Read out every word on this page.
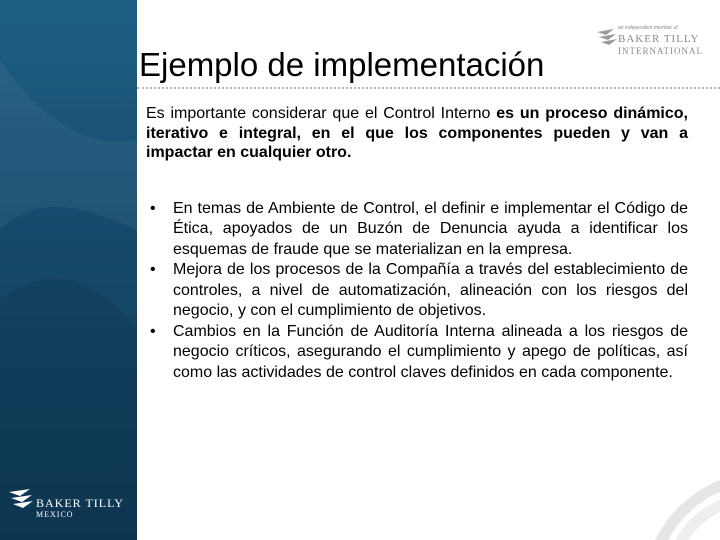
an independent member of
BAKER TILLY
INTERNATIONAL
Ejemplo de implementación

Es importante considerar que el Control Interno es un proceso dinámico, iterativo e integral, en el que los componentes pueden y van a impactar en cualquier otro.

• En temas de Ambiente de Control, el definir e implementar el Código de Ética, apoyados de un Buzón de Denuncia ayuda a identificar los esquemas de fraude que se materializan en la empresa.
• Mejora de los procesos de la Compañía a través del establecimiento de controles, a nivel de automatización, alineación con los riesgos del negocio, y con el cumplimiento de objetivos.
• Cambios en la Función de Auditoría Interna alineada a los riesgos de negocio críticos, asegurando el cumplimiento y apego de políticas, así como las actividades de control claves definidos en cada componente.
BAKER TILLY
MEXICO
